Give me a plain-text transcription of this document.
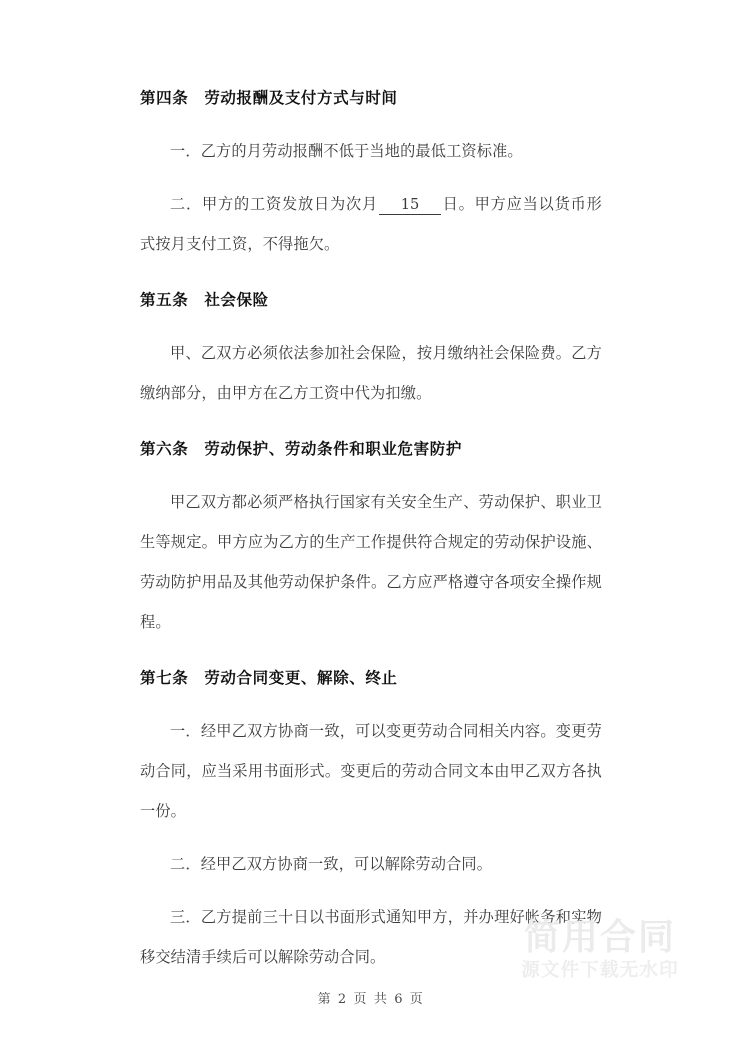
第四条 劳动报酬及支付方式与时间

一．乙方的月劳动报酬不低于当地的最低工资标准。

二．甲方的工资发放日为次月 15 日。甲方应当以货币形式按月支付工资，不得拖欠。

第五条 社会保险

甲、乙双方必须依法参加社会保险，按月缴纳社会保险费。乙方缴纳部分，由甲方在乙方工资中代为扣缴。

第六条 劳动保护、劳动条件和职业危害防护

甲乙双方都必须严格执行国家有关安全生产、劳动保护、职业卫生等规定。甲方应为乙方的生产工作提供符合规定的劳动保护设施、劳动防护用品及其他劳动保护条件。乙方应严格遵守各项安全操作规程。

第七条 劳动合同变更、解除、终止

一．经甲乙双方协商一致，可以变更劳动合同相关内容。变更劳动合同，应当采用书面形式。变更后的劳动合同文本由甲乙双方各执一份。

二．经甲乙双方协商一致，可以解除劳动合同。

三．乙方提前三十日以书面形式通知甲方，并办理好帐务和实物移交结清手续后可以解除劳动合同。	简用合同
源文件下载无水印
第 2 页 共 6 页
